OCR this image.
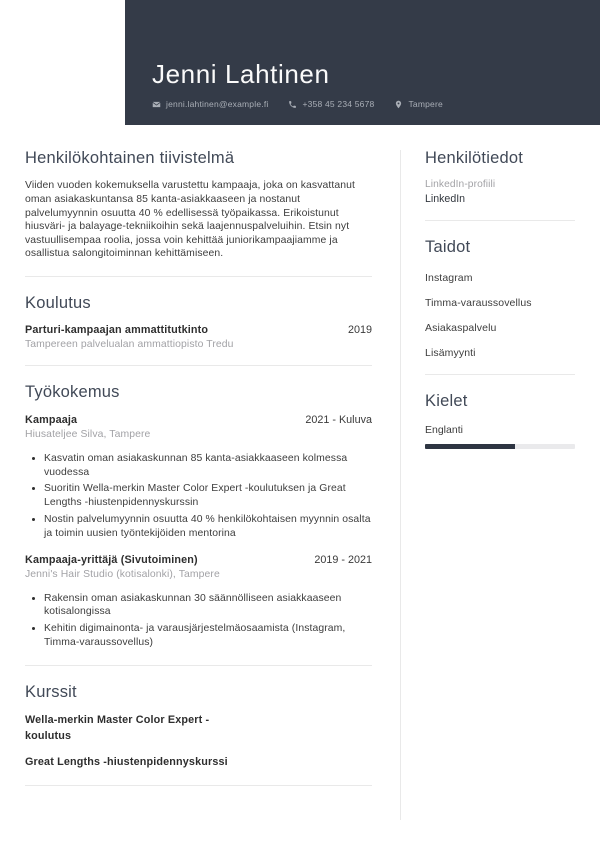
Jenni Lahtinen
jenni.lahtinen@example.fi	+358 45 234 5678	Tampere
Henkilökohtainen tiivistelmä

Viiden vuoden kokemuksella varustettu kampaaja, joka on kasvattanut oman asiakaskuntansa 85 kanta-asiakkaaseen ja nostanut palvelumyynnin osuutta 40 % edellisessä työpaikassa. Erikoistunut hiusväri- ja balayage-tekniikoihin sekä laajennuspalveluihin. Etsin nyt vastuullisempaa roolia, jossa voin kehittää juniorikampaajiamme ja osallistua salongitoiminnan kehittämiseen.

Koulutus
Parturi-kampaajan ammattitutkinto	2019
Tampereen palvelualan ammattiopisto Tredu
Työkokemus
Kampaaja	2021 - Kuluva
Hiusateljee Silva, Tampere
• Kasvatin oman asiakaskunnan 85 kanta-asiakkaaseen kolmessa vuodessa
• Suoritin Wella-merkin Master Color Expert -koulutuksen ja Great Lengths -hiustenpidennyskurssin
• Nostin palvelumyynnin osuutta 40 % henkilökohtaisen myynnin osalta ja toimin uusien työntekijöiden mentorina
Kampaaja-yrittäjä (Sivutoiminen)	2019 - 2021
Jenni's Hair Studio (kotisalonki), Tampere
• Rakensin oman asiakaskunnan 30 säännölliseen asiakkaaseen kotisalongissa
• Kehitin digimainonta- ja varausjärjestelmäosaamista (Instagram, Timma-varaussovellus)
Kurssit
Wella-merkin Master Color Expert -koulutus
Great Lengths -hiustenpidennyskurssi
Henkilötiedot
LinkedIn-profiili
LinkedIn
Taidot
Instagram
Timma-varaussovellus
Asiakaspalvelu
Lisämyynti
Kielet
Englanti
